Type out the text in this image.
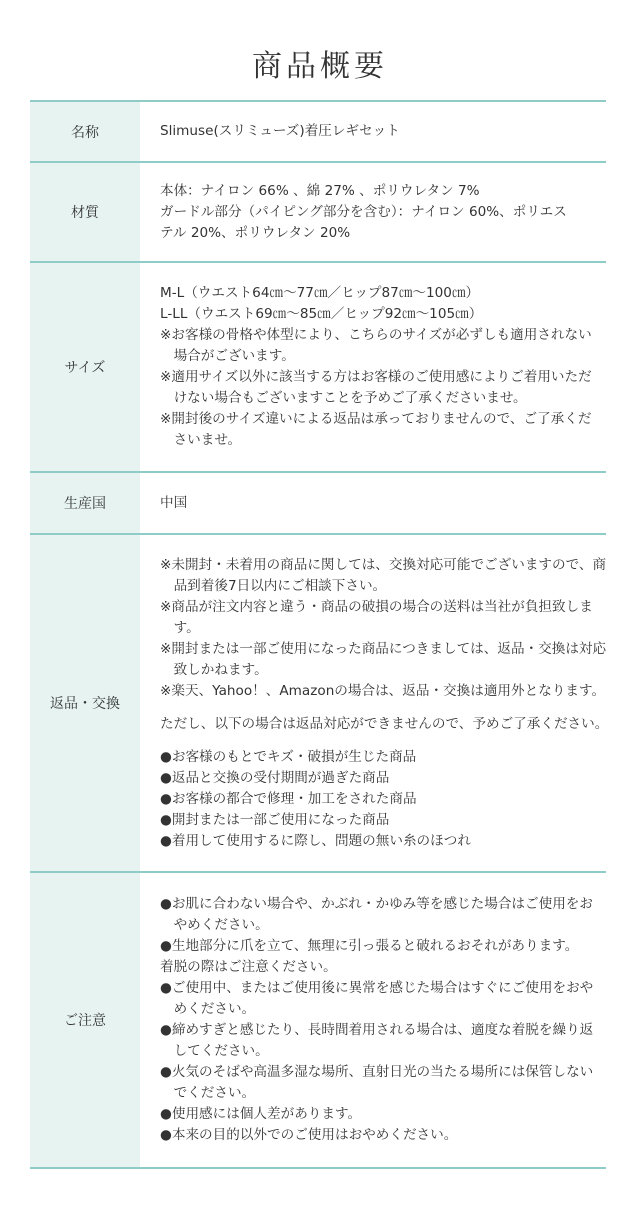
商品概要
名称	Slimuse(スリミューズ)着圧レギセット
材質
本体：ナイロン 66% 、綿 27% 、ポリウレタン 7%
ガードル部分（パイピング部分を含む）：ナイロン 60%、ポリエス
テル 20%、ポリウレタン 20%
サイズ
M-L（ウエスト64㎝〜77㎝／ヒップ87㎝〜100㎝）
L-LL（ウエスト69㎝〜85㎝／ヒップ92㎝〜105㎝）
※お客様の骨格や体型により、こちらのサイズが必ずしも適用されない場合がございます。
※適用サイズ以外に該当する方はお客様のご使用感によりご着用いただけない場合もございますことを予めご了承くださいませ。
※開封後のサイズ違いによる返品は承っておりませんので、ご了承くださいませ。
生産国	中国
返品・交換
※未開封・未着用の商品に関しては、交換対応可能でございますので、商品到着後7日以内にご相談下さい。
※商品が注文内容と違う・商品の破損の場合の送料は当社が負担致します。
※開封または一部ご使用になった商品につきましては、返品・交換は対応致しかねます。
※楽天、Yahoo！、Amazonの場合は、返品・交換は適用外となります。
ただし、以下の場合は返品対応ができませんので、予めご了承ください。
●お客様のもとでキズ・破損が生じた商品
●返品と交換の受付期間が過ぎた商品
●お客様の都合で修理・加工をされた商品
●開封または一部ご使用になった商品
●着用して使用するに際し、問題の無い糸のほつれ
ご注意
●お肌に合わない場合や、かぶれ・かゆみ等を感じた場合はご使用をおやめください。
●生地部分に爪を立て、無理に引っ張ると破れるおそれがあります。
着脱の際はご注意ください。
●ご使用中、またはご使用後に異常を感じた場合はすぐにご使用をおやめください。
●締めすぎと感じたり、長時間着用される場合は、適度な着脱を繰り返してください。
●火気のそばや高温多湿な場所、直射日光の当たる場所には保管しないでください。
●使用感には個人差があります。
●本来の目的以外でのご使用はおやめください。
